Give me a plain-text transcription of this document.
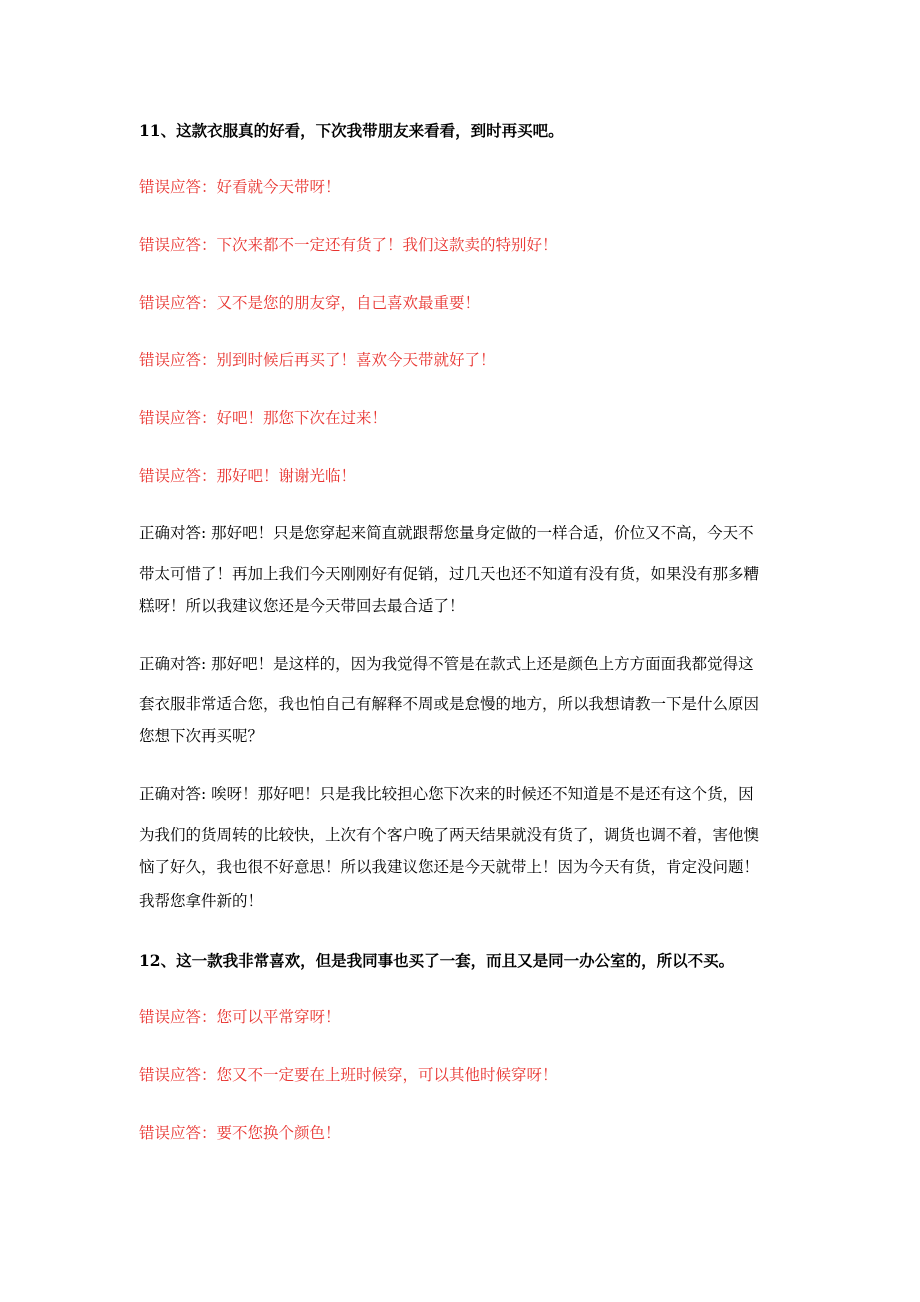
11、这款衣服真的好看，下次我带朋友来看看，到时再买吧。
错误应答：好看就今天带呀！
错误应答：下次来都不一定还有货了！我们这款卖的特别好！
错误应答：又不是您的朋友穿，自己喜欢最重要！
错误应答：别到时候后再买了！喜欢今天带就好了！
错误应答：好吧！那您下次在过来！
错误应答：那好吧！谢谢光临！
正确对答: 那好吧！只是您穿起来简直就跟帮您量身定做的一样合适，价位又不高，今天不
带太可惜了！再加上我们今天刚刚好有促销，过几天也还不知道有没有货，如果没有那多糟
糕呀！所以我建议您还是今天带回去最合适了！
正确对答: 那好吧！是这样的，因为我觉得不管是在款式上还是颜色上方方面面我都觉得这
套衣服非常适合您，我也怕自己有解释不周或是怠慢的地方，所以我想请教一下是什么原因
您想下次再买呢？
正确对答: 唉呀！那好吧！只是我比较担心您下次来的时候还不知道是不是还有这个货，因
为我们的货周转的比较快，上次有个客户晚了两天结果就没有货了，调货也调不着，害他懊
恼了好久，我也很不好意思！所以我建议您还是今天就带上！因为今天有货，肯定没问题！
我帮您拿件新的！
12、这一款我非常喜欢，但是我同事也买了一套，而且又是同一办公室的，所以不买。
错误应答：您可以平常穿呀！
错误应答：您又不一定要在上班时候穿，可以其他时候穿呀！
错误应答：要不您换个颜色！
